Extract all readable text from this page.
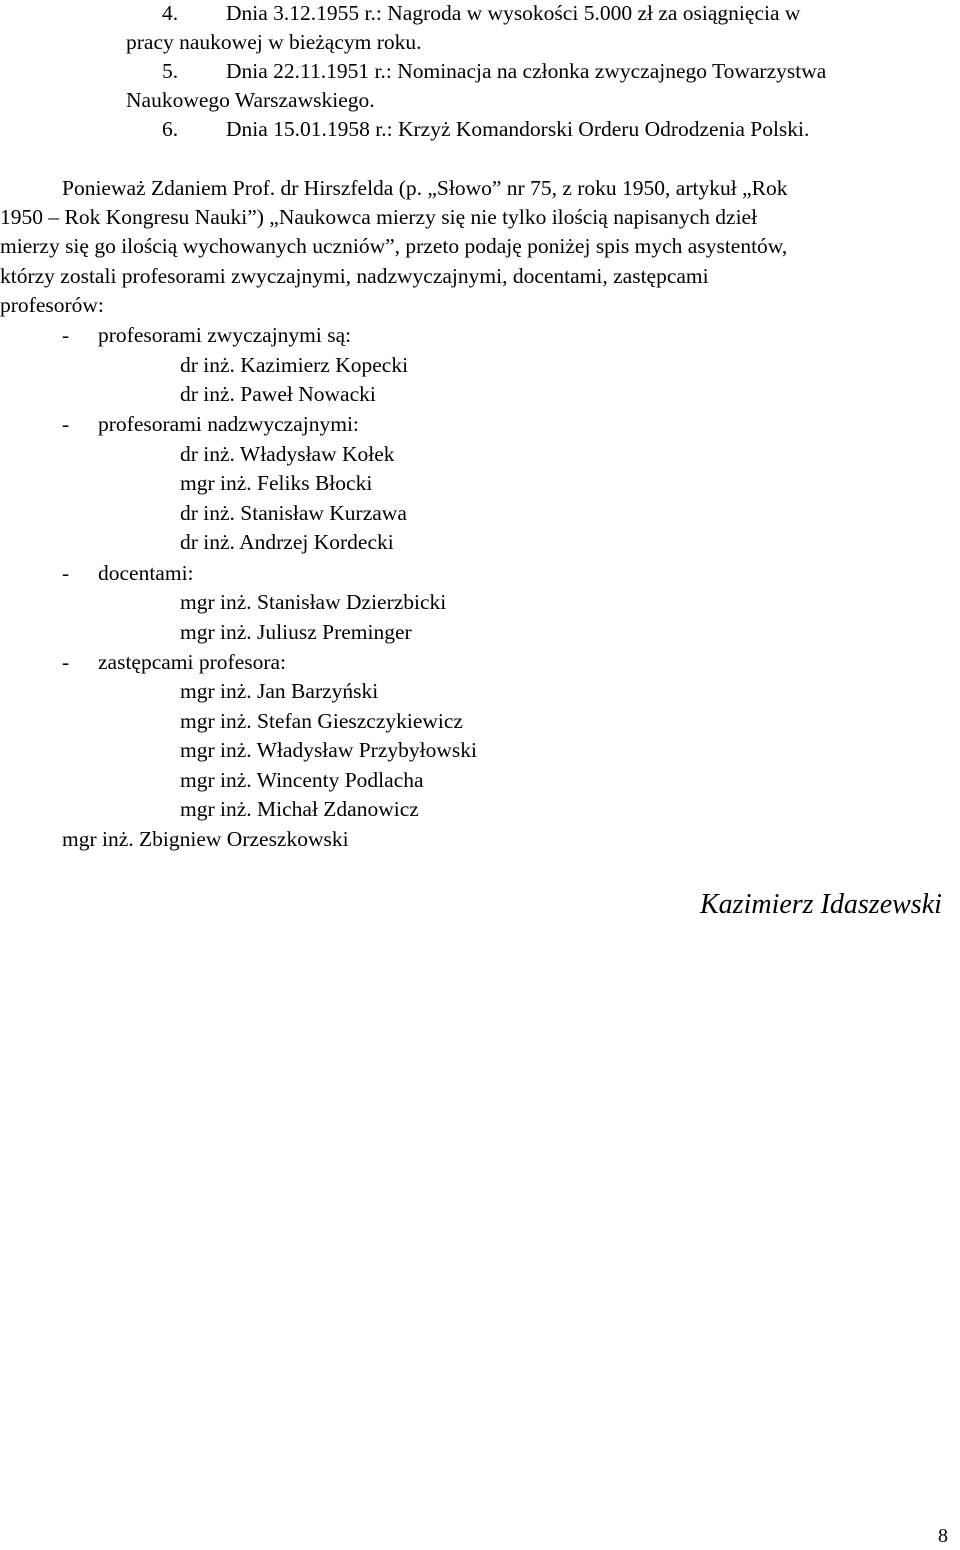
4. Dnia 3.12.1955 r.: Nagroda w wysokości 5.000 zł za osiągnięcia w
pracy naukowej w bieżącym roku.
5. Dnia 22.11.1951 r.: Nominacja na członka zwyczajnego Towarzystwa
Naukowego Warszawskiego.
6. Dnia 15.01.1958 r.: Krzyż Komandorski Orderu Odrodzenia Polski.
Ponieważ Zdaniem Prof. dr Hirszfelda (p. „Słowo” nr 75, z roku 1950, artykuł „Rok
1950 – Rok Kongresu Nauki”) „Naukowca mierzy się nie tylko ilością napisanych dzieł
mierzy się go ilością wychowanych uczniów”, przeto podaję poniżej spis mych asystentów,
którzy zostali profesorami zwyczajnymi, nadzwyczajnymi, docentami, zastępcami
profesorów:
- profesorami zwyczajnymi są:
dr inż. Kazimierz Kopecki
dr inż. Paweł Nowacki
- profesorami nadzwyczajnymi:
dr inż. Władysław Kołek
mgr inż. Feliks Błocki
dr inż. Stanisław Kurzawa
dr inż. Andrzej Kordecki
- docentami:
mgr inż. Stanisław Dzierzbicki
mgr inż. Juliusz Preminger
- zastępcami profesora:
mgr inż. Jan Barzyński
mgr inż. Stefan Gieszczykiewicz
mgr inż. Władysław Przybyłowski
mgr inż. Wincenty Podlacha
mgr inż. Michał Zdanowicz
mgr inż. Zbigniew Orzeszkowski
Kazimierz Idaszewski
8
